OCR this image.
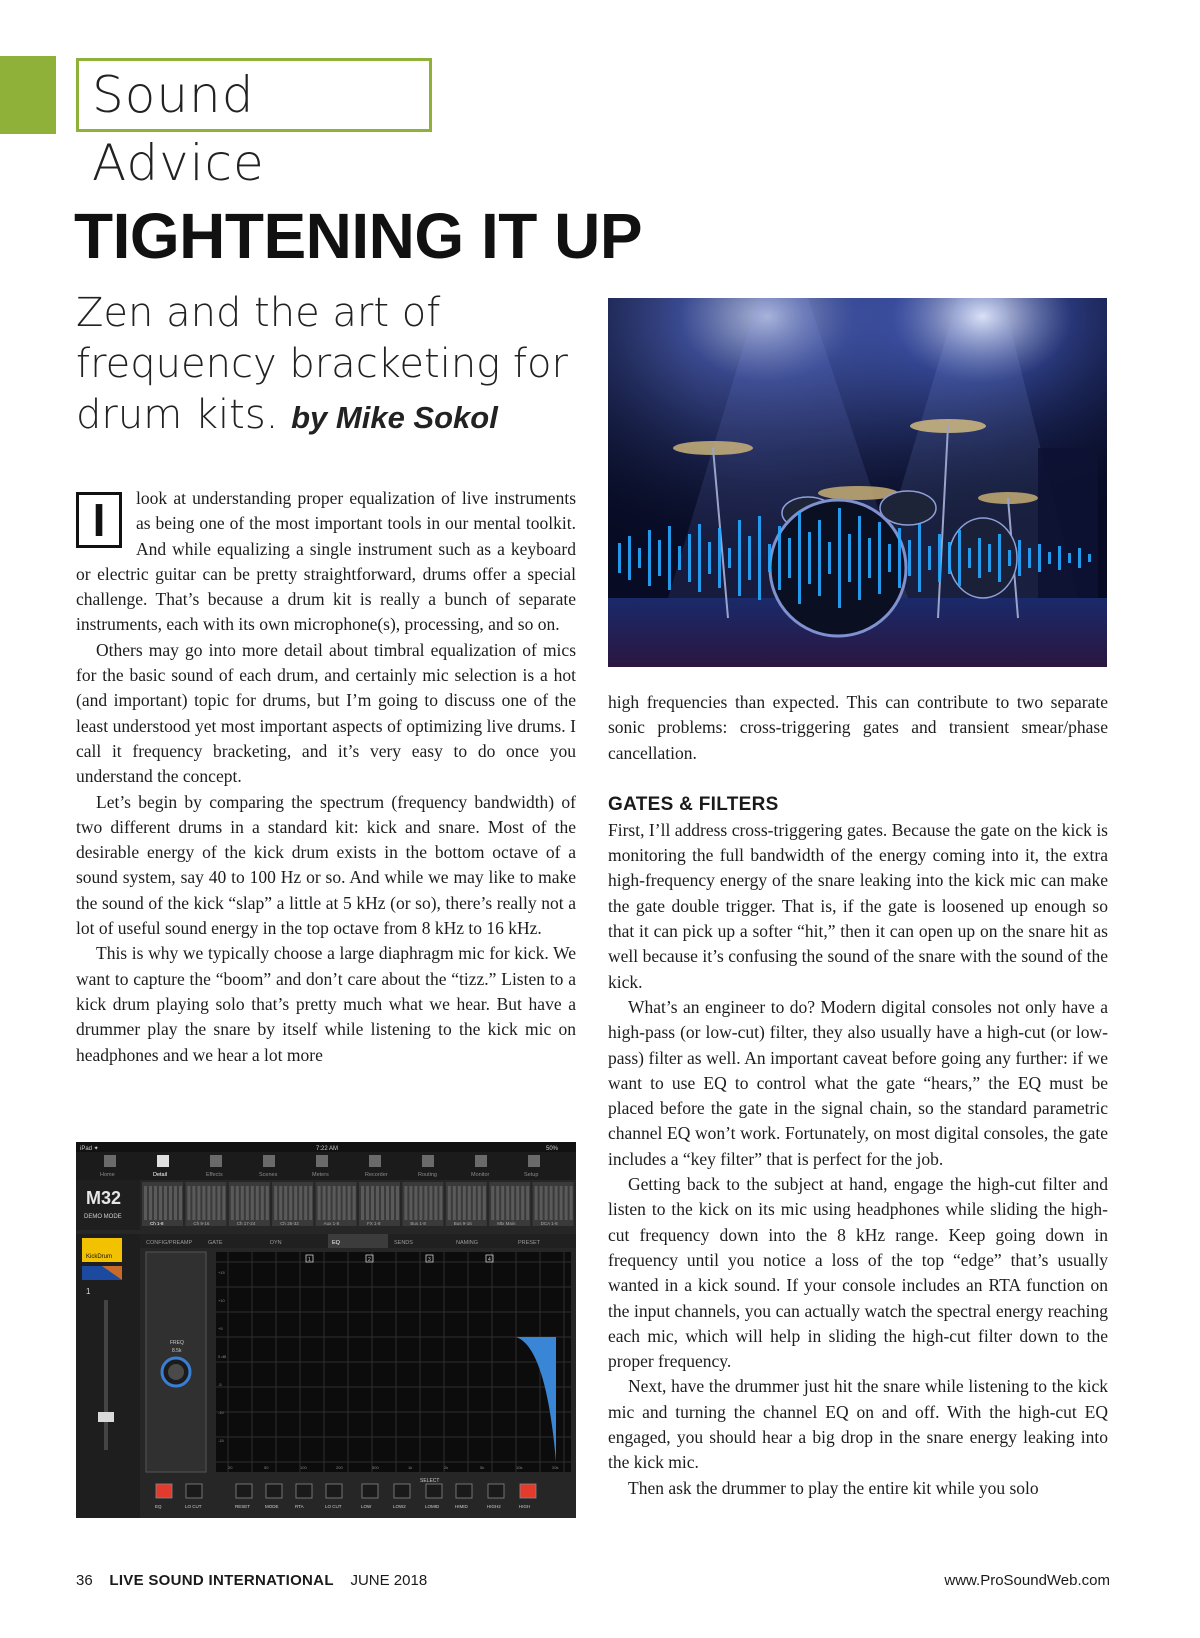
Sound Advice
TIGHTENING IT UP

Zen and the art of frequency bracketing for drum kits. by Mike Sokol

I	look at understanding proper equalization of live instruments as being one of the most important tools in our mental toolkit. And while equalizing a single instrument such as a keyboard or electric guitar can be pretty straightforward, drums offer a special challenge. That’s because a drum kit is really a bunch of separate instruments, each with its own microphone(s), processing, and so on.

Others may go into more detail about timbral equalization of mics for the basic sound of each drum, and certainly mic selection is a hot (and important) topic for drums, but I’m going to discuss one of the least understood yet most important aspects of optimizing live drums. I call it frequency bracketing, and it’s very easy to do once you understand the concept.

Let’s begin by comparing the spectrum (frequency bandwidth) of two different drums in a standard kit: kick and snare. Most of the desirable energy of the kick drum exists in the bottom octave of a sound system, say 40 to 100 Hz or so. And while we may like to make the sound of the kick “slap” a little at 5 kHz (or so), there’s really not a lot of useful sound energy in the top octave from 8 kHz to 16 kHz.

This is why we typically choose a large diaphragm mic for kick. We want to capture the “boom” and don’t care about the “tizz.” Listen to a kick drum playing solo that’s pretty much what we hear. But have a drummer play the snare by itself while listening to the kick mic on headphones and we hear a lot more

high frequencies than expected. This can contribute to two separate sonic problems: cross-triggering gates and transient smear/phase cancellation.

GATES & FILTERS

First, I’ll address cross-triggering gates. Because the gate on the kick is monitoring the full bandwidth of the energy coming into it, the extra high-frequency energy of the snare leaking into the kick mic can make the gate double trigger. That is, if the gate is loosened up enough so that it can pick up a softer “hit,” then it can open up on the snare hit as well because it’s confusing the sound of the snare with the sound of the kick.

What’s an engineer to do? Modern digital consoles not only have a high-pass (or low-cut) filter, they also usually have a high-cut (or low-pass) filter as well. An important caveat before going any further: if we want to use EQ to control what the gate “hears,” the EQ must be placed before the gate in the signal chain, so the standard parametric channel EQ won’t work. Fortunately, on most digital consoles, the gate includes a “key filter” that is perfect for the job.

Getting back to the subject at hand, engage the high-cut filter and listen to the kick on its mic using headphones while sliding the high-cut frequency down into the 8 kHz range. Keep going down in frequency until you notice a loss of the top “edge” that’s usually wanted in a kick sound. If your console includes an RTA function on the input channels, you can actually watch the spectral energy reaching each mic, which will help in sliding the high-cut filter down to the proper frequency.

Next, have the drummer just hit the snare while listening to the kick mic and turning the channel EQ on and off. With the high-cut EQ engaged, you should hear a big drop in the snare energy leaking into the kick mic.

Then ask the drummer to play the entire kit while you solo

iPad ✦	7:22 AM	50%
Home	Detail	Effects	Scenes	Meters	Recorder	Routing	Monitor	Setup
M32
DEMO MODE
Ch 1-8	Ch 9-16	Ch 17-24	Ch 25-32	Aux 1-8	FX 1-8	Bus 1-8	Bus 9-16	Mtx Main	DCA 1-8
CONFIG/PREAMP	GATE	DYN	EQ	SENDS	NAMING	PRESET
KickDrum
1
FREQ
8.5k
+15
+10
+5
0 dB
-5
-10
-15
20	50	100	200	500	1k	2k	5k	10k	20k
1	2	3	4
EQ	LO CUT	RESET	MODE	RTA	LO CUT	LOW	LOW2	LOMID	HIMID	HIGH2	HIGH
SELECT
36 LIVE SOUND INTERNATIONAL JUNE 2018	www.ProSoundWeb.com
